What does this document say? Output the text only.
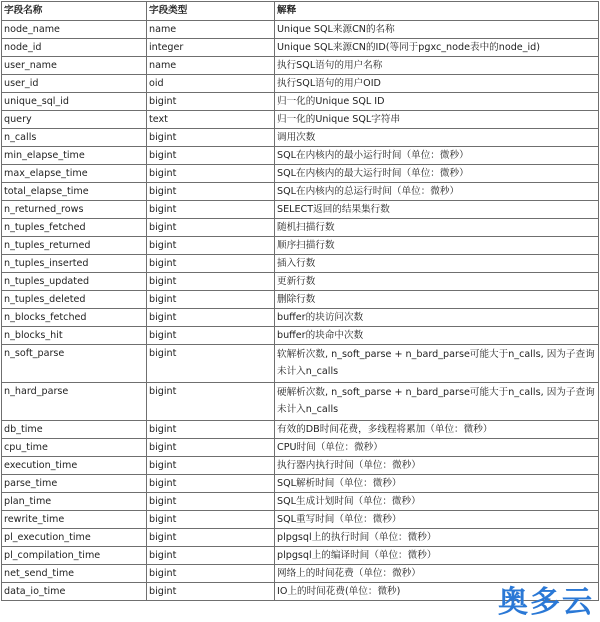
字段名称	字段类型	解释
node_name	name	Unique SQL来源CN的名称
node_id	integer	Unique SQL来源CN的ID(等同于pgxc_node表中的node_id)
user_name	name	执行SQL语句的用户名称
user_id	oid	执行SQL语句的用户OID
unique_sql_id	bigint	归一化的Unique SQL ID
query	text	归一化的Unique SQL字符串
n_calls	bigint	调用次数
min_elapse_time	bigint	SQL在内核内的最小运行时间（单位：微秒）
max_elapse_time	bigint	SQL在内核内的最大运行时间（单位：微秒）
total_elapse_time	bigint	SQL在内核内的总运行时间（单位：微秒）
n_returned_rows	bigint	SELECT返回的结果集行数
n_tuples_fetched	bigint	随机扫描行数
n_tuples_returned	bigint	顺序扫描行数
n_tuples_inserted	bigint	插入行数
n_tuples_updated	bigint	更新行数
n_tuples_deleted	bigint	删除行数
n_blocks_fetched	bigint	buffer的块访问次数
n_blocks_hit	bigint	buffer的块命中次数
n_soft_parse	bigint	软解析次数, n_soft_parse + n_bard_parse可能大于n_calls, 因为子查询未计入n_calls
n_hard_parse	bigint	硬解析次数, n_soft_parse + n_bard_parse可能大于n_calls, 因为子查询未计入n_calls
db_time	bigint	有效的DB时间花费，多线程将累加（单位：微秒）
cpu_time	bigint	CPU时间（单位：微秒）
execution_time	bigint	执行器内执行时间（单位：微秒）
parse_time	bigint	SQL解析时间（单位：微秒）
plan_time	bigint	SQL生成计划时间（单位：微秒）
rewrite_time	bigint	SQL重写时间（单位：微秒）
pl_execution_time	bigint	plpgsql上的执行时间（单位：微秒）
pl_compilation_time	bigint	plpgsql上的编译时间（单位：微秒）
net_send_time	bigint	网络上的时间花费（单位：微秒）
data_io_time	bigint	IO上的时间花费(单位：微秒)	奥多云
